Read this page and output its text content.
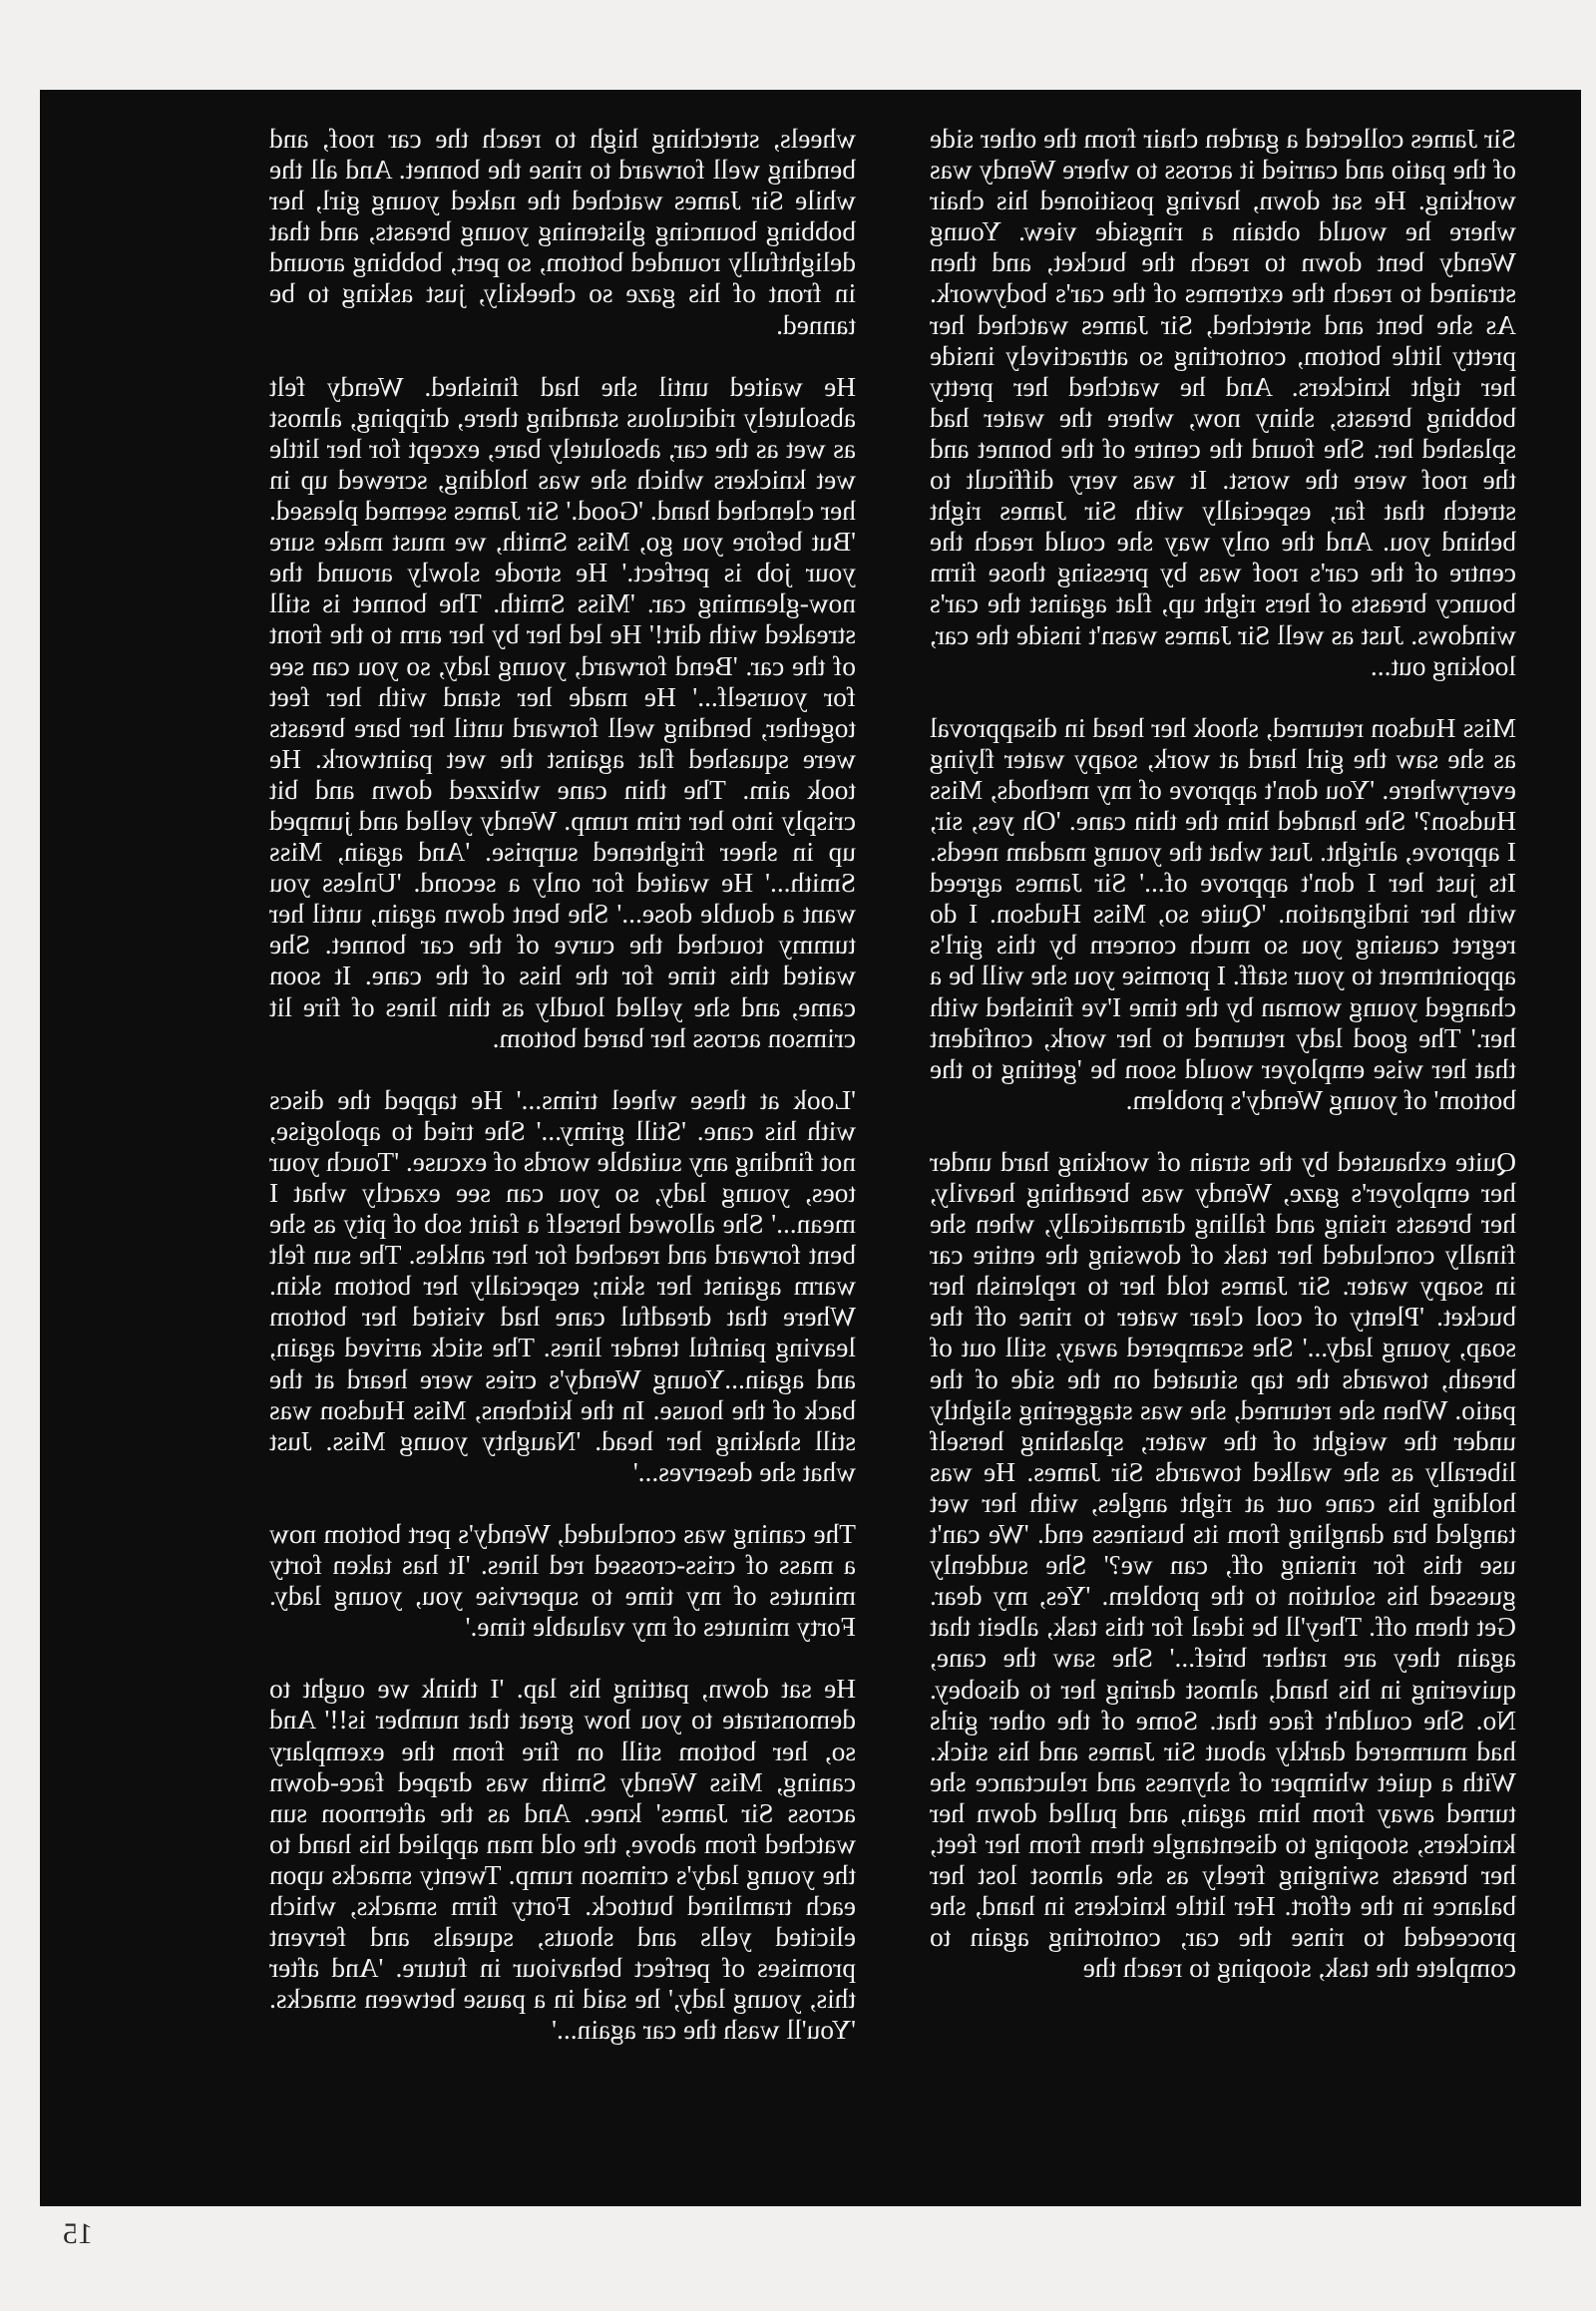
Sir James collected a garden chair from the other side of the patio and carried it across to where Wendy was working. He sat down, having positioned his chair where he would obtain a ringside view. Young Wendy bent down to reach the bucket, and then strained to reach the extremes of the car's bodywork. As she bent and stretched, Sir James watched her pretty little bottom, contorting so attractively inside her tight knickers. And he watched her pretty bobbing breasts, shiny now, where the water had splashed her. She found the centre of the bonnet and the roof were the worst. It was very difficult to stretch that far, especially with Sir James right behind you. And the only way she could reach the centre of the car's roof was by pressing those firm bouncy breasts of hers right up, flat against the car's windows. Just as well Sir James wasn't inside the car, looking out...

Miss Hudson returned, shook her head in disapproval as she saw the girl hard at work, soapy water flying everywhere. 'You don't approve of my methods, Miss Hudson?' She handed him the thin cane. 'Oh yes, sir, I approve, alright. Just what the young madam needs. Its just her I don't approve of...' Sir James agreed with her indignation. 'Quite so, Miss Hudson. I do regret causing you so much concern by this girl's appointment to your staff. I promise you she will be a changed young woman by the time I've finished with her.' The good lady returned to her work, confident that her wise employer would soon be 'getting to the bottom' of young Wendy's problem.

Quite exhausted by the strain of working hard under her employer's gaze, Wendy was breathing heavily, her breasts rising and falling dramatically, when she finally concluded her task of dowsing the entire car in soapy water. Sir James told her to replenish her bucket. 'Plenty of cool clear water to rinse off the soap, young lady...' She scampered away, still out of breath, towards the tap situated on the side of the patio. When she returned, she was staggering slightly under the weight of the water, splashing herself liberally as she walked towards Sir James. He was holding his cane out at right angles, with her wet tangled bra dangling from its business end. 'We can't use this for rinsing off, can we?' She suddenly guessed his solution to the problem. 'Yes, my dear. Get them off. They'll be ideal for this task, albeit that again they are rather brief...' She saw the cane, quivering in his hand, almost daring her to disobey. No. She couldn't face that. Some of the other girls had murmered darkly about Sir James and his stick. With a quiet whimper of shyness and reluctance she turned away from him again, and pulled down her knickers, stooping to disentangle them from her feet, her breasts swinging freely as she almost lost her balance in the effort. Her little knickers in hand, she proceeded to rinse the car, contorting again to complete the task, stooping to reach the

wheels, stretching high to reach the car roof, and bending well forward to rinse the bonnet. And all the while Sir James watched the naked young girl, her bobbing bouncing glistening young breasts, and that delightfully rounded bottom, so pert, bobbing around in front of his gaze so cheekily, just asking to be tanned.

He waited until she had finished. Wendy felt absolutely ridiculous standing there, dripping, almost as wet as the car, absolutely bare, except for her little wet knickers which she was holding, screwed up in her clenched hand. 'Good.' Sir James seemed pleased. 'But before you go, Miss Smith, we must make sure your job is perfect.' He strode slowly around the now-gleaming car. 'Miss Smith. The bonnet is still streaked with dirt!' He led her by her arm to the front of the car. 'Bend forward, young lady, so you can see for yourself...' He made her stand with her feet together, bending well forward until her bare breasts were squashed flat against the wet paintwork. He took aim. The thin cane whizzed down and bit crisply into her trim rump. Wendy yelled and jumped up in sheer frightened surprise. 'And again, Miss Smith...' He waited for only a second. 'Unless you want a double dose...' She bent down again, until her tummy touched the curve of the car bonnet. She waited this time for the hiss of the cane. It soon came, and she yelled loudly as thin lines of fire lit crimson across her bared bottom.

'Look at these wheel trims...' He tapped the discs with his cane. 'Still grimy...' She tried to apologise, not finding any suitable words of excuse. 'Touch your toes, young lady, so you can see exactly what I mean...' She allowed herself a faint sob of pity as she bent forward and reached for her ankles. The sun felt warm against her skin; especially her bottom skin. Where that dreadful cane had visited her bottom leaving painful tender lines. The stick arrived again, and again...Young Wendy's cries were heard at the back of the house. In the kitchens, Miss Hudson was still shaking her head. 'Naughty young Miss. Just what she deserves...'

The caning was concluded, Wendy's pert bottom now a mass of criss-crossed red lines. 'It has taken forty minutes of my time to supervise you, young lady. Forty minutes of my valuable time.'

He sat down, patting his lap. 'I think we ought to demonstrate to you how great that number is!!' And so, her bottom still on fire from the exemplary caning, Miss Wendy Smith was draped face-down across Sir James' knee. And as the afternoon sun watched from above, the old man applied his hand to the young lady's crimson rump. Twenty smacks upon each tramlined buttock. Forty firm smacks, which elicited yells and shouts, squeals and fervent promises of perfect behaviour in future. 'And after this, young lady,' he said in a pause between smacks. 'You'll wash the car again...'

15
